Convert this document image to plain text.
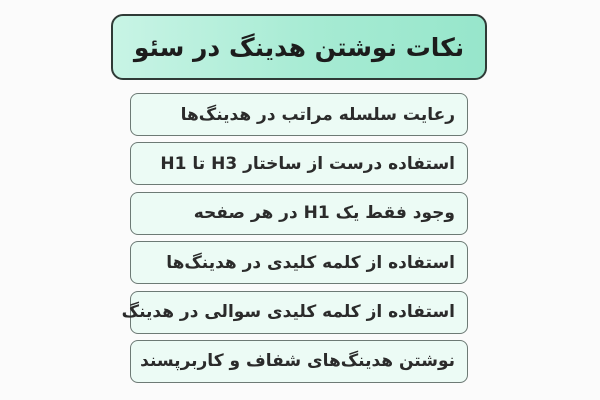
نکات نوشتن هدینگ در سئو
رعایت سلسله مراتب در هدینگ‌ها
استفاده درست از ساختار H3 تا H1
وجود فقط یک H1 در هر صفحه
استفاده از کلمه کلیدی در هدینگ‌ها
استفاده از کلمه کلیدی سوالی در هدینگ
نوشتن هدینگ‌های شفاف و کاربرپسند
